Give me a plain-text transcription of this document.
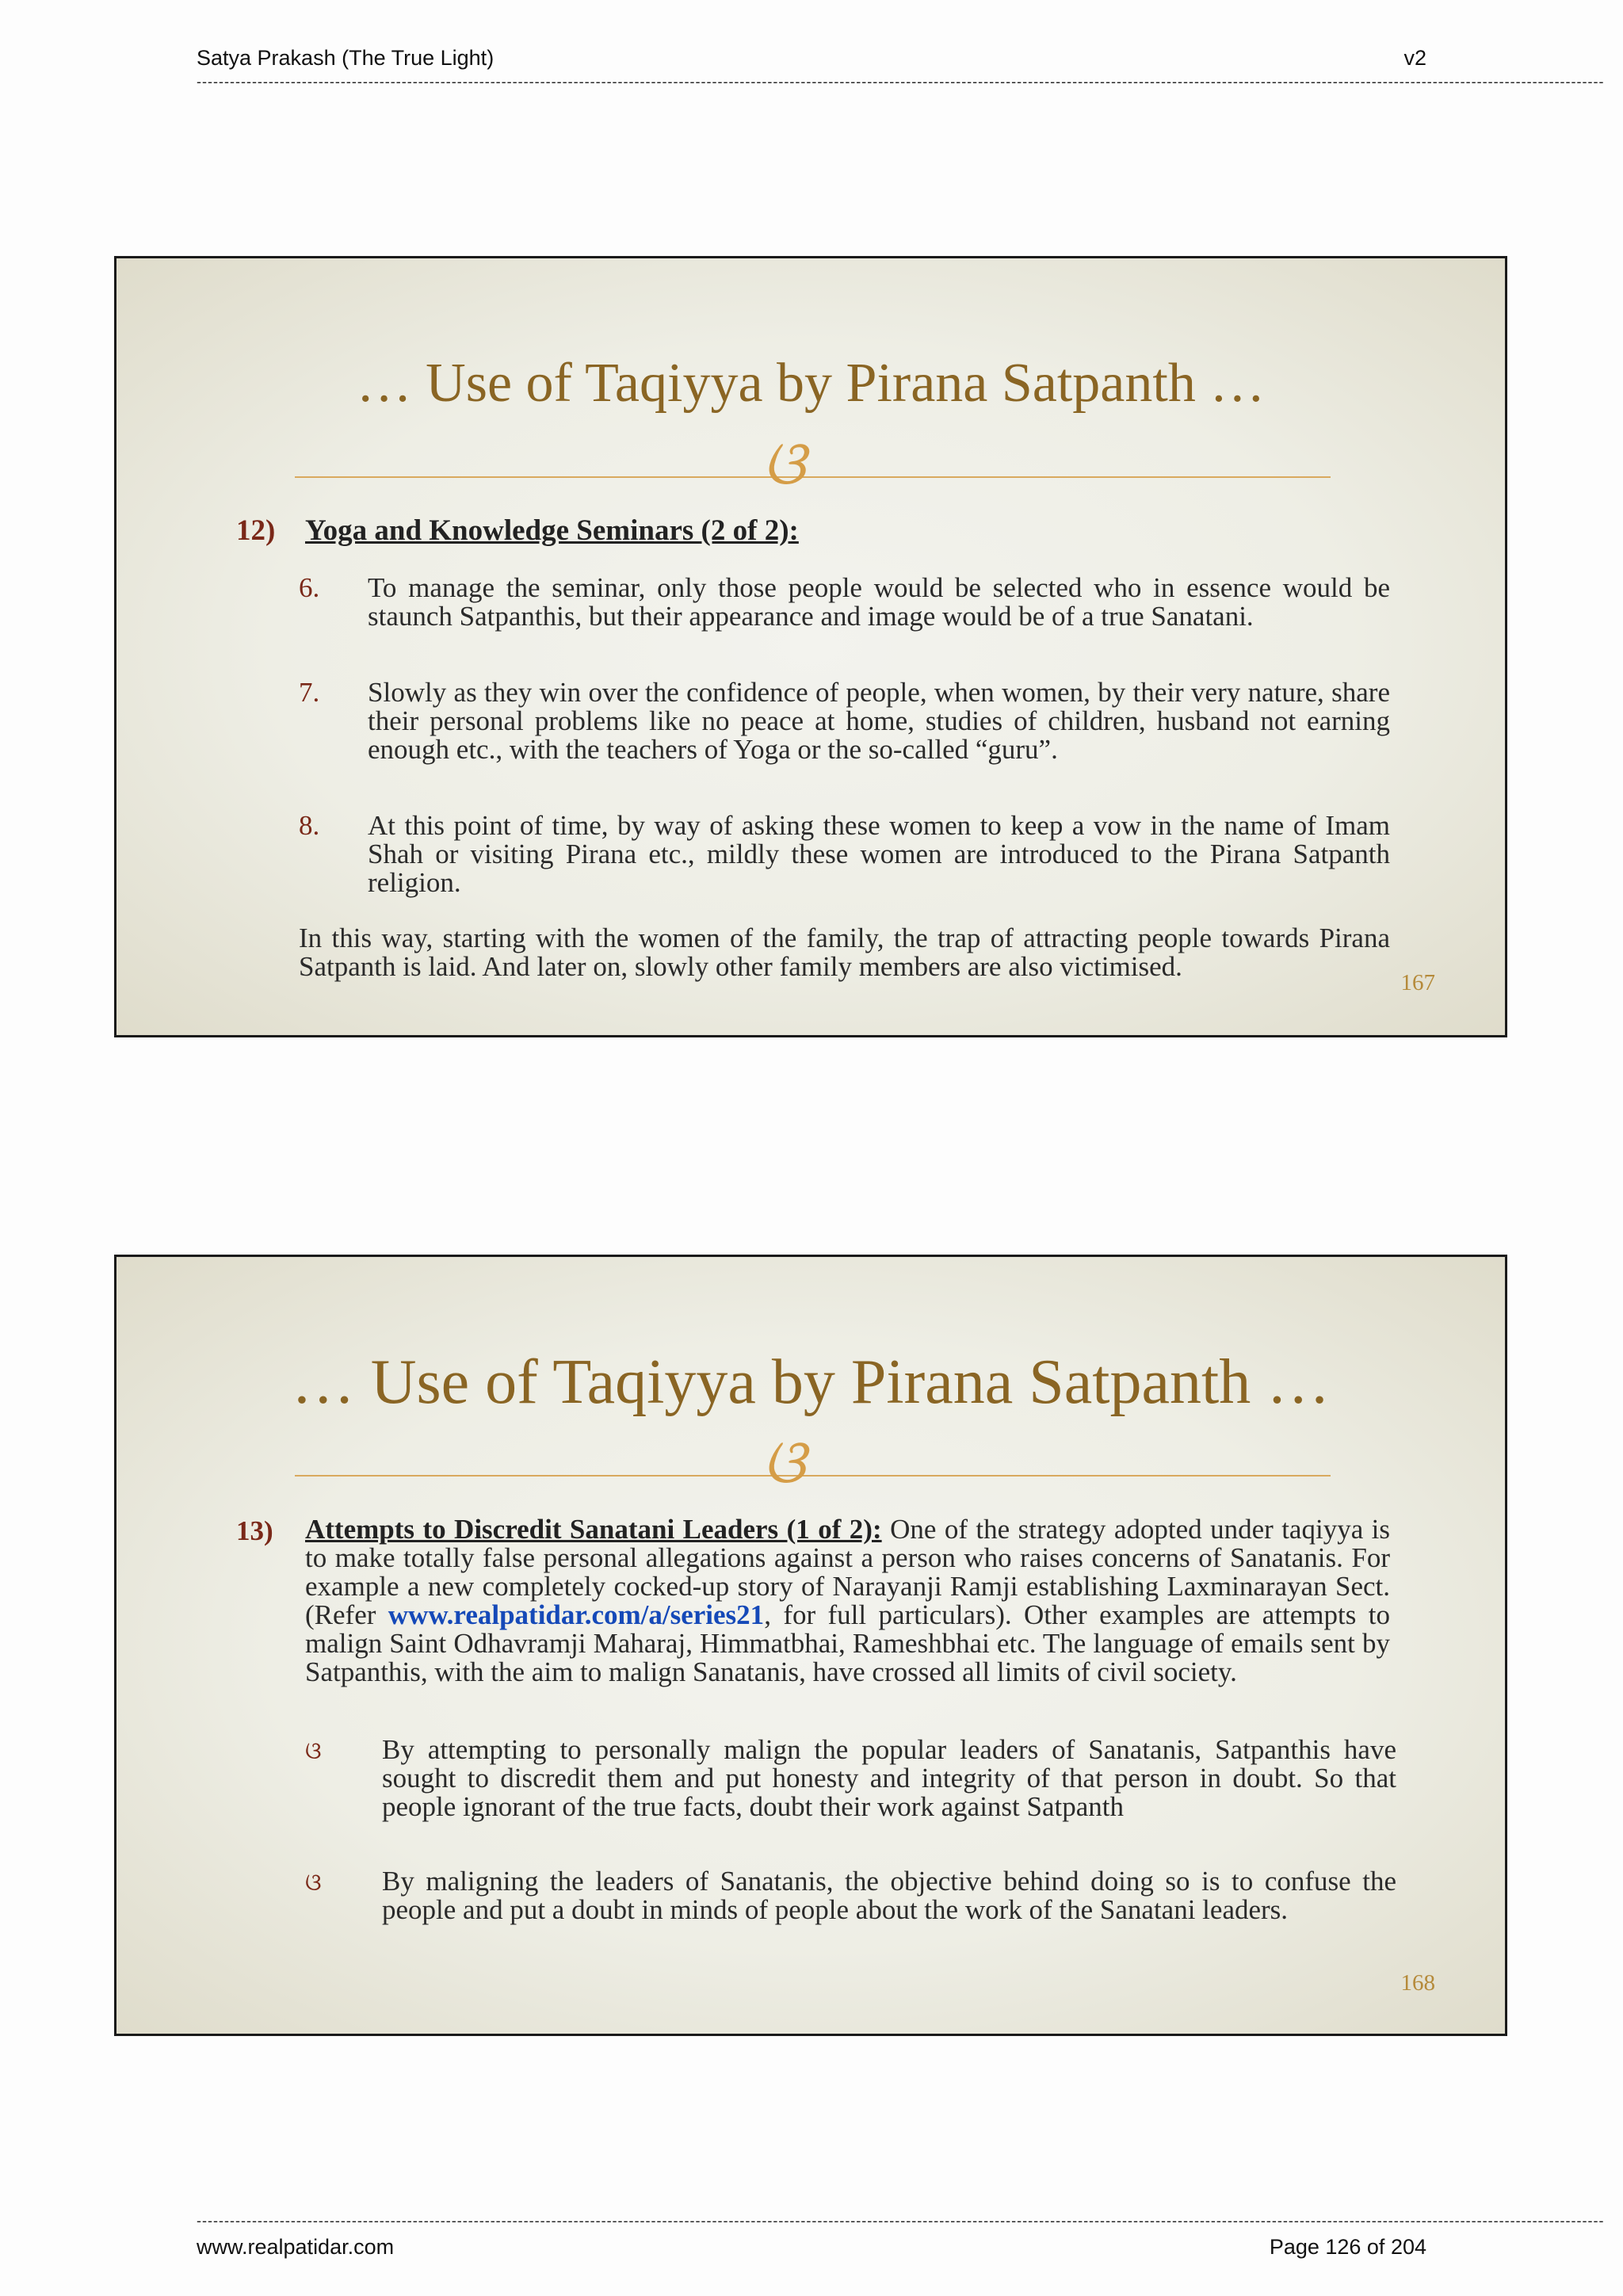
Satya Prakash (The True Light)	v2
--------------------------------------------------------------------------------------------------------------------------------------------------------------------------------------------------------------------------------------------------------------
… Use of Taqiyya by Pirana Satpanth …
ଓ
12) Yoga and Knowledge Seminars (2 of 2):
6. To manage the seminar, only those people would be selected who in essence would be staunch Satpanthis, but their appearance and image would be of a true Sanatani.
7. Slowly as they win over the confidence of people, when women, by their very nature, share their personal problems like no peace at home, studies of children, husband not earning enough etc., with the teachers of Yoga or the so-called “guru”.
8. At this point of time, by way of asking these women to keep a vow in the name of Imam Shah or visiting Pirana etc., mildly these women are introduced to the Pirana Satpanth religion.
In this way, starting with the women of the family, the trap of attracting people towards Pirana Satpanth is laid. And later on, slowly other family members are also victimised.
167
… Use of Taqiyya by Pirana Satpanth …
ଓ
13) Attempts to Discredit Sanatani Leaders (1 of 2): One of the strategy adopted under taqiyya is to make totally false personal allegations against a person who raises concerns of Sanatanis. For example a new completely cocked-up story of Narayanji Ramji establishing Laxminarayan Sect. (Refer www.realpatidar.com/a/series21, for full particulars). Other examples are attempts to malign Saint Odhavramji Maharaj, Himmatbhai, Rameshbhai etc. The language of emails sent by Satpanthis, with the aim to malign Sanatanis, have crossed all limits of civil society.
ଓ By attempting to personally malign the popular leaders of Sanatanis, Satpanthis have sought to discredit them and put honesty and integrity of that person in doubt. So that people ignorant of the true facts, doubt their work against Satpanth
ଓ By maligning the leaders of Sanatanis, the objective behind doing so is to confuse the people and put a doubt in minds of people about the work of the Sanatani leaders.
168
--------------------------------------------------------------------------------------------------------------------------------------------------------------------------------------------------------------------------------------------------------------
www.realpatidar.com	Page 126 of 204
